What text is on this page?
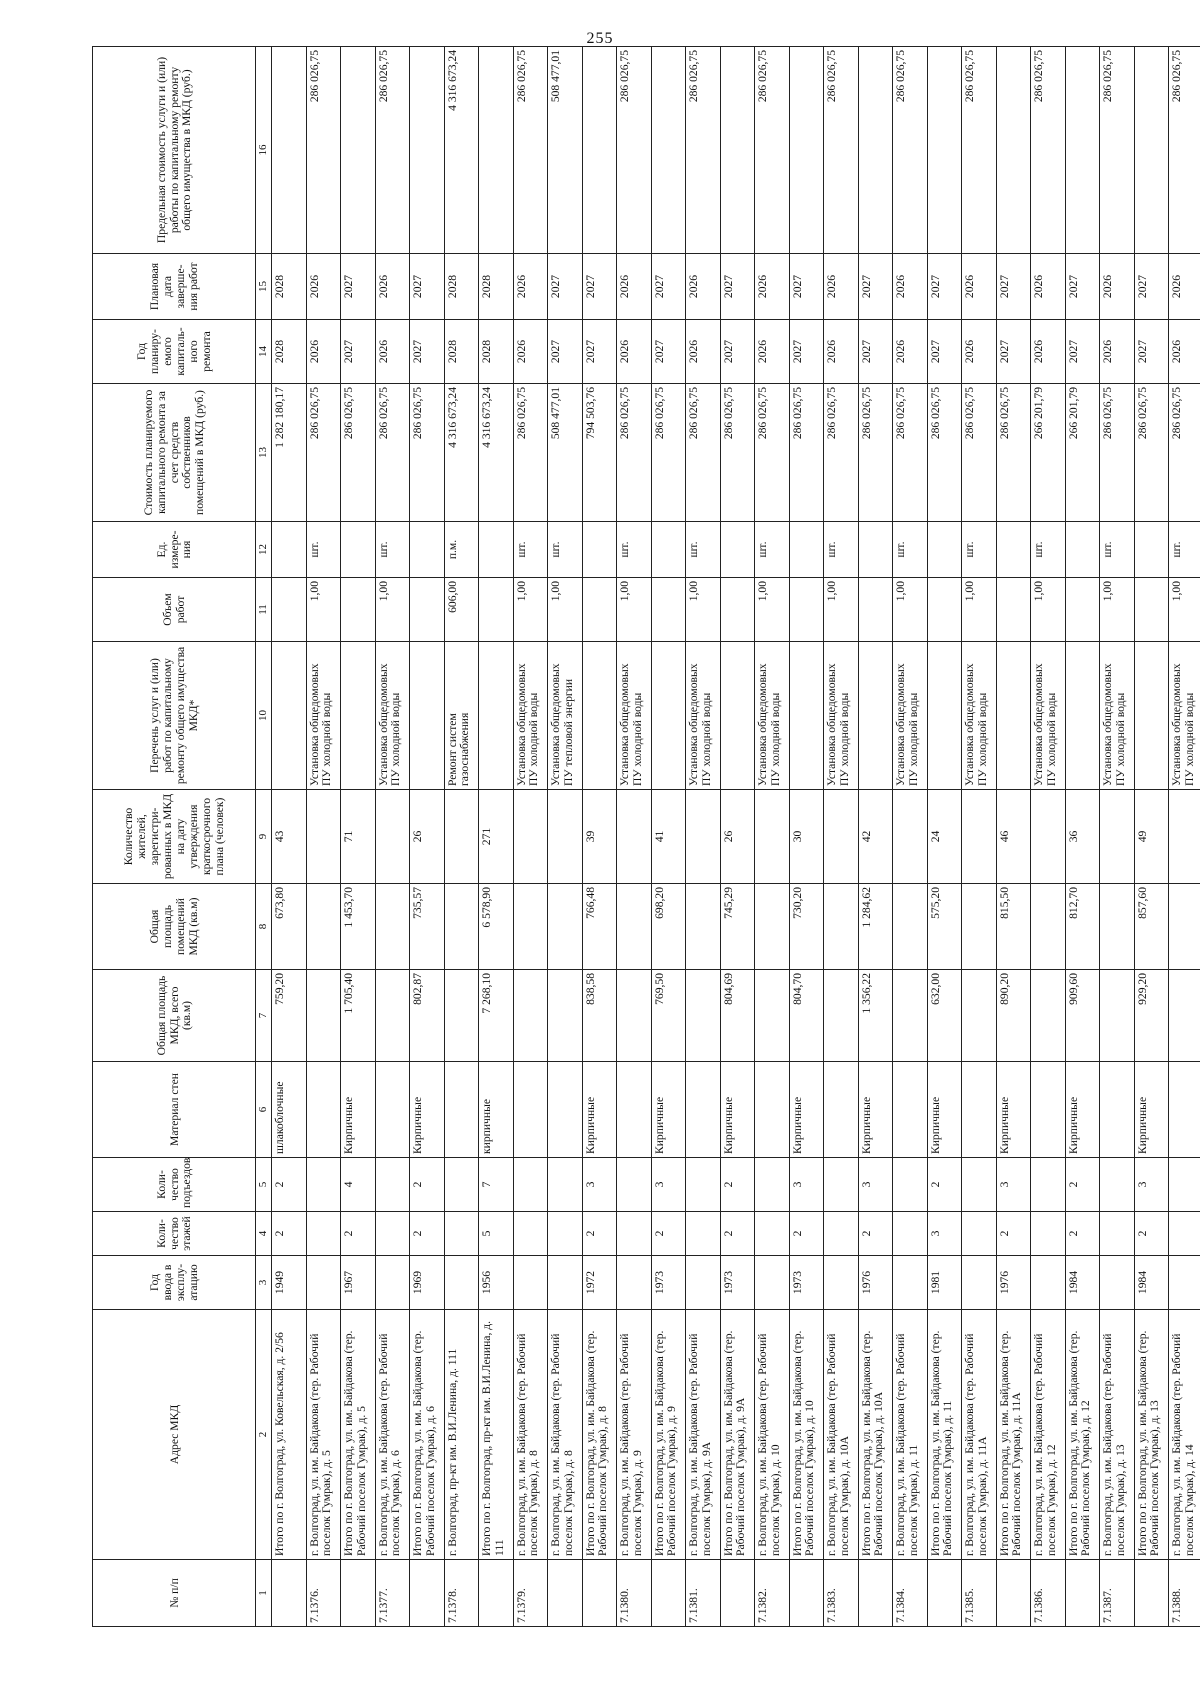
255
№ п/п	Адрес МКД	Год ввода в эксплу-атацию	Коли-чество этажей	Коли-чество подъездов	Материал стен	Общая площадь МКД, всего (кв.м)	Общая площадь помещений МКД (кв.м)	Количество жителей, зарегистри-рованных в МКД на дату утверждения краткосрочного плана (человек)	Перечень услуг и (или) работ по капитальному ремонту общего имущества МКД*	Объем работ	Ед. измере-ния	Стоимость планируемого капитального ремонта за счет средств собственников помещений в МКД (руб.)	Год планиру-емого капиталь-ного ремонта	Плановая дата заверше-ния работ	Предельная стоимость услуги и (или) работы по капитальному ремонту общего имущества в МКД (руб.)
1	2	3	4	5	6	7	8	9	10	11	12	13	14	15	16
	Итого по г. Волгоград, ул. Ковельская, д. 2/56	1949	2	2	шлакоблочные	759,20	673,80	43				1 282 180,17	2028	2028	
7.1376.	г. Волгоград, ул. им. Байдакова (тер. Рабочий поселок Гумрак), д. 5								Установка общедомовых ПУ холодной воды	1,00	шт.	286 026,75	2026	2026	286 026,75
	Итого по г. Волгоград, ул. им. Байдакова (тер. Рабочий поселок Гумрак), д. 5	1967	2	4	Кирпичные	1 705,40	1 453,70	71				286 026,75	2027	2027	
7.1377.	г. Волгоград, ул. им. Байдакова (тер. Рабочий поселок Гумрак), д. 6								Установка общедомовых ПУ холодной воды	1,00	шт.	286 026,75	2026	2026	286 026,75
	Итого по г. Волгоград, ул. им. Байдакова (тер. Рабочий поселок Гумрак), д. 6	1969	2	2	Кирпичные	802,87	735,57	26				286 026,75	2027	2027	
7.1378.	г. Волгоград, пр-кт им. В.И.Ленина, д. 111								Ремонт систем газоснабжения	606,00	п.м.	4 316 673,24	2028	2028	4 316 673,24
	Итого по г. Волгоград, пр-кт им. В.И.Ленина, д. 111	1956	5	7	кирпичные	7 268,10	6 578,90	271				4 316 673,24	2028	2028	
7.1379.	г. Волгоград, ул. им. Байдакова (тер. Рабочий поселок Гумрак), д. 8								Установка общедомовых ПУ холодной воды	1,00	шт.	286 026,75	2026	2026	286 026,75
	г. Волгоград, ул. им. Байдакова (тер. Рабочий поселок Гумрак), д. 8								Установка общедомовых ПУ тепловой энергии	1,00	шт.	508 477,01	2027	2027	508 477,01
	Итого по г. Волгоград, ул. им. Байдакова (тер. Рабочий поселок Гумрак), д. 8	1972	2	3	Кирпичные	838,58	766,48	39				794 503,76	2027	2027	
7.1380.	г. Волгоград, ул. им. Байдакова (тер. Рабочий поселок Гумрак), д. 9								Установка общедомовых ПУ холодной воды	1,00	шт.	286 026,75	2026	2026	286 026,75
	Итого по г. Волгоград, ул. им. Байдакова (тер. Рабочий поселок Гумрак), д. 9	1973	2	3	Кирпичные	769,50	698,20	41				286 026,75	2027	2027	
7.1381.	г. Волгоград, ул. им. Байдакова (тер. Рабочий поселок Гумрак), д. 9А								Установка общедомовых ПУ холодной воды	1,00	шт.	286 026,75	2026	2026	286 026,75
	Итого по г. Волгоград, ул. им. Байдакова (тер. Рабочий поселок Гумрак), д. 9А	1973	2	2	Кирпичные	804,69	745,29	26				286 026,75	2027	2027	
7.1382.	г. Волгоград, ул. им. Байдакова (тер. Рабочий поселок Гумрак), д. 10								Установка общедомовых ПУ холодной воды	1,00	шт.	286 026,75	2026	2026	286 026,75
	Итого по г. Волгоград, ул. им. Байдакова (тер. Рабочий поселок Гумрак), д. 10	1973	2	3	Кирпичные	804,70	730,20	30				286 026,75	2027	2027	
7.1383.	г. Волгоград, ул. им. Байдакова (тер. Рабочий поселок Гумрак), д. 10А								Установка общедомовых ПУ холодной воды	1,00	шт.	286 026,75	2026	2026	286 026,75
	Итого по г. Волгоград, ул. им. Байдакова (тер. Рабочий поселок Гумрак), д. 10А	1976	2	3	Кирпичные	1 356,22	1 284,62	42				286 026,75	2027	2027	
7.1384.	г. Волгоград, ул. им. Байдакова (тер. Рабочий поселок Гумрак), д. 11								Установка общедомовых ПУ холодной воды	1,00	шт.	286 026,75	2026	2026	286 026,75
	Итого по г. Волгоград, ул. им. Байдакова (тер. Рабочий поселок Гумрак), д. 11	1981	3	2	Кирпичные	632,00	575,20	24				286 026,75	2027	2027	
7.1385.	г. Волгоград, ул. им. Байдакова (тер. Рабочий поселок Гумрак), д. 11А								Установка общедомовых ПУ холодной воды	1,00	шт.	286 026,75	2026	2026	286 026,75
	Итого по г. Волгоград, ул. им. Байдакова (тер. Рабочий поселок Гумрак), д. 11А	1976	2	3	Кирпичные	890,20	815,50	46				286 026,75	2027	2027	
7.1386.	г. Волгоград, ул. им. Байдакова (тер. Рабочий поселок Гумрак), д. 12								Установка общедомовых ПУ холодной воды	1,00	шт.	266 201,79	2026	2026	286 026,75
	Итого по г. Волгоград, ул. им. Байдакова (тер. Рабочий поселок Гумрак), д. 12	1984	2	2	Кирпичные	909,60	812,70	36				266 201,79	2027	2027	
7.1387.	г. Волгоград, ул. им. Байдакова (тер. Рабочий поселок Гумрак), д. 13								Установка общедомовых ПУ холодной воды	1,00	шт.	286 026,75	2026	2026	286 026,75
	Итого по г. Волгоград, ул. им. Байдакова (тер. Рабочий поселок Гумрак), д. 13	1984	2	3	Кирпичные	929,20	857,60	49				286 026,75	2027	2027	
7.1388.	г. Волгоград, ул. им. Байдакова (тер. Рабочий поселок Гумрак), д. 14								Установка общедомовых ПУ холодной воды	1,00	шт.	286 026,75	2026	2026	286 026,75
